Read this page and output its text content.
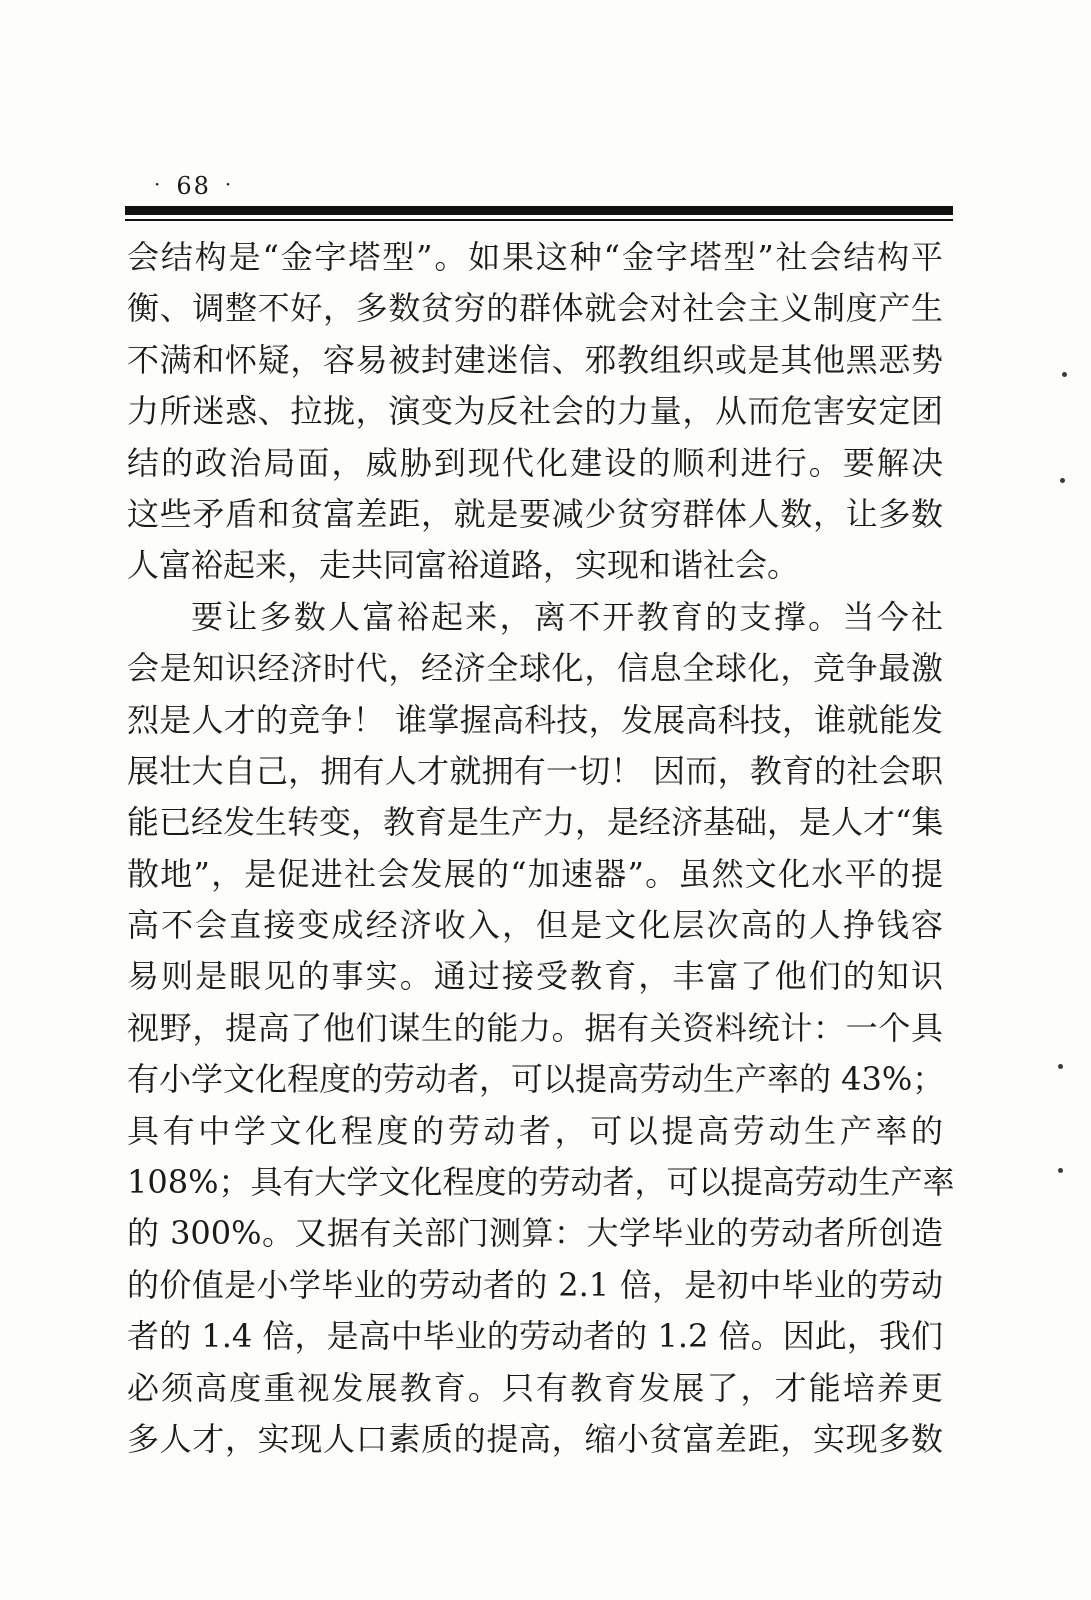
· 68 ·
会结构是“金字塔型”。如果这种“金字塔型”社会结构平
衡、调整不好，多数贫穷的群体就会对社会主义制度产生
不满和怀疑，容易被封建迷信、邪教组织或是其他黑恶势
力所迷惑、拉拢，演变为反社会的力量，从而危害安定团
结的政治局面，威胁到现代化建设的顺利进行。要解决
这些矛盾和贫富差距，就是要减少贫穷群体人数，让多数
人富裕起来，走共同富裕道路，实现和谐社会。
要让多数人富裕起来，离不开教育的支撑。当今社
会是知识经济时代，经济全球化，信息全球化，竞争最激
烈是人才的竞争！ 谁掌握高科技，发展高科技，谁就能发
展壮大自己，拥有人才就拥有一切！ 因而，教育的社会职
能已经发生转变，教育是生产力，是经济基础，是人才“集
散地”，是促进社会发展的“加速器”。虽然文化水平的提
高不会直接变成经济收入，但是文化层次高的人挣钱容
易则是眼见的事实。通过接受教育，丰富了他们的知识
视野，提高了他们谋生的能力。据有关资料统计：一个具
有小学文化程度的劳动者，可以提高劳动生产率的 43%；
具有中学文化程度的劳动者，可以提高劳动生产率的
108%；具有大学文化程度的劳动者，可以提高劳动生产率
的 300%。又据有关部门测算：大学毕业的劳动者所创造
的价值是小学毕业的劳动者的 2.1 倍，是初中毕业的劳动
者的 1.4 倍，是高中毕业的劳动者的 1.2 倍。因此，我们
必须高度重视发展教育。只有教育发展了，才能培养更
多人才，实现人口素质的提高，缩小贫富差距，实现多数
